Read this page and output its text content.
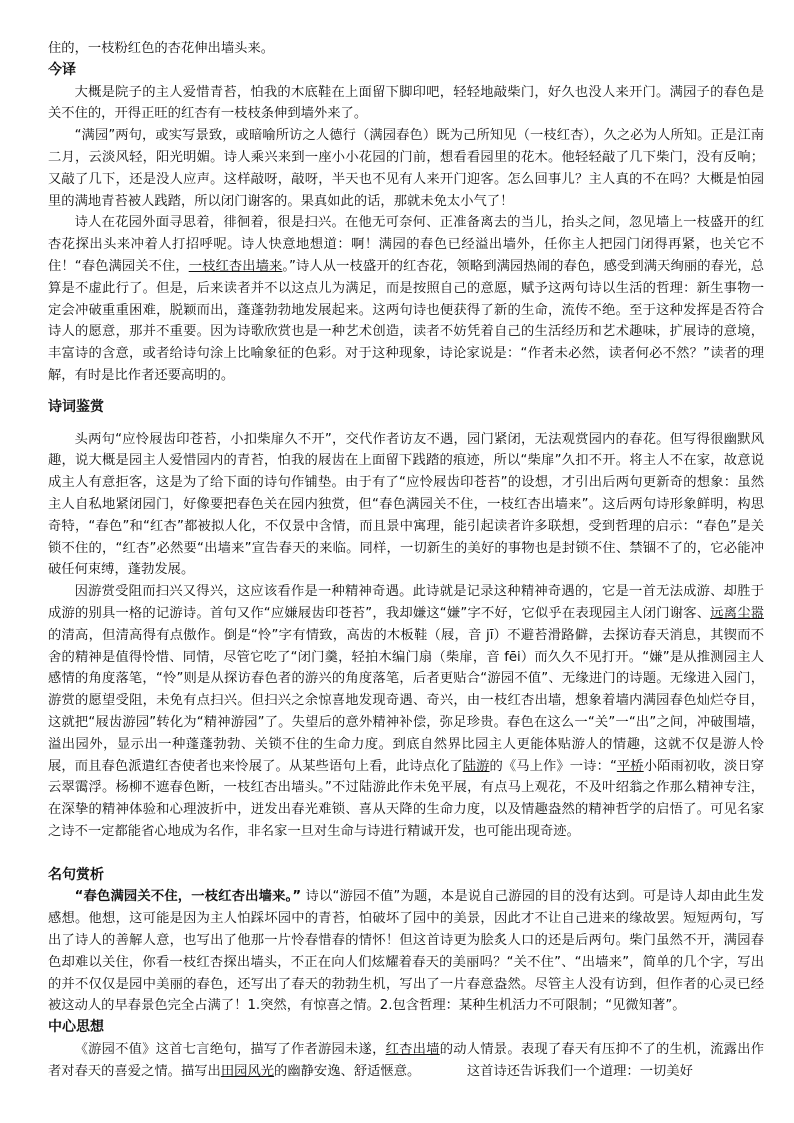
住的，一枝粉红色的杏花伸出墙头来。

今译

大概是院子的主人爱惜青苔，怕我的木底鞋在上面留下脚印吧，轻轻地敲柴门，好久也没人来开门。满园子的春色是关不住的，开得正旺的红杏有一枝枝条伸到墙外来了。

“满园”两句，或实写景致，或暗喻所访之人德行（满园春色）既为己所知见（一枝红杏），久之必为人所知。正是江南二月，云淡风轻，阳光明媚。诗人乘兴来到一座小小花园的门前，想看看园里的花木。他轻轻敲了几下柴门，没有反响；又敲了几下，还是没人应声。这样敲呀，敲呀，半天也不见有人来开门迎客。怎么回事儿？主人真的不在吗？大概是怕园里的满地青苔被人践踏，所以闭门谢客的。果真如此的话，那就未免太小气了！

诗人在花园外面寻思着，徘徊着，很是扫兴。在他无可奈何、正准备离去的当儿，抬头之间，忽见墙上一枝盛开的红杏花探出头来冲着人打招呼呢。诗人快意地想道：啊！满园的春色已经溢出墙外，任你主人把园门闭得再紧，也关它不住！“春色满园关不住，一枝红杏出墙来。”诗人从一枝盛开的红杏花，领略到满园热闹的春色，感受到满天绚丽的春光，总算是不虚此行了。但是，后来读者并不以这点儿为满足，而是按照自己的意愿，赋予这两句诗以生活的哲理：新生事物一定会冲破重重困难，脱颖而出，蓬蓬勃勃地发展起来。这两句诗也便获得了新的生命，流传不绝。至于这种发挥是否符合诗人的愿意，那并不重要。因为诗歌欣赏也是一种艺术创造，读者不妨凭着自己的生活经历和艺术趣味，扩展诗的意境，丰富诗的含意，或者给诗句涂上比喻象征的色彩。对于这种现象，诗论家说是：“作者未必然，读者何必不然？”读者的理解，有时是比作者还要高明的。

诗词鉴赏

头两句“应怜屐齿印苍苔，小扣柴扉久不开”，交代作者访友不遇，园门紧闭，无法观赏园内的春花。但写得很幽默风趣，说大概是园主人爱惜园内的青苔，怕我的屐齿在上面留下践踏的痕迹，所以“柴扉”久扣不开。将主人不在家，故意说成主人有意拒客，这是为了给下面的诗句作铺垫。由于有了“应怜屐齿印苍苔”的设想，才引出后两句更新奇的想象：虽然主人自私地紧闭园门，好像要把春色关在园内独赏，但“春色满园关不住，一枝红杏出墙来”。这后两句诗形象鲜明，构思奇特，“春色”和“红杏”都被拟人化，不仅景中含情，而且景中寓理，能引起读者许多联想，受到哲理的启示：“春色”是关锁不住的，“红杏”必然要“出墙来”宣告春天的来临。同样，一切新生的美好的事物也是封锁不住、禁锢不了的，它必能冲破任何束缚，蓬勃发展。

因游赏受阻而扫兴又得兴，这应该看作是一种精神奇遇。此诗就是记录这种精神奇遇的，它是一首无法成游、却胜于成游的别具一格的记游诗。首句又作“应嫌屐齿印苍苔”，我却嫌这“嫌”字不好，它似乎在表现园主人闭门谢客、远离尘嚣的清高，但清高得有点傲作。倒是“怜”字有情致，高齿的木板鞋（屐，音 jī）不避苔滑路僻，去探访春天消息，其锲而不舍的精神是值得怜惜、同情，尽管它吃了“闭门羹，轻拍木编门扇（柴扉，音 fēi）而久久不见打开。“嫌”是从推测园主人感情的角度落笔，“怜”则是从探访春色者的游兴的角度落笔，后者更贴合“游园不值”、无缘进门的诗题。无缘进入园门，游赏的愿望受阻，未免有点扫兴。但扫兴之余惊喜地发现奇遇、奇兴，由一枝红杏出墙，想象着墙内满园春色灿烂夺目，这就把“屐齿游园”转化为“精神游园”了。失望后的意外精神补偿，弥足珍贵。春色在这么一“关”一“出”之间，冲破围墙，溢出园外，显示出一种蓬蓬勃勃、关锁不住的生命力度。到底自然界比园主人更能体贴游人的情趣，这就不仅是游人怜展，而且春色派遣红杏使者也来怜展了。从某些语句上看，此诗点化了陆游的《马上作》一诗：“平桥小陌雨初收，淡日穿云翠霭浮。杨柳不遮春色断，一枝红杏出墙头。”不过陆游此作未免平展，有点马上观花，不及叶绍翁之作那么精神专注，在深挚的精神体验和心理波折中，迸发出春光难锁、喜从天降的生命力度，以及情趣盎然的精神哲学的启悟了。可见名家之诗不一定都能省心地成为名作，非名家一旦对生命与诗进行精诚开发，也可能出现奇迹。

名句赏析

“春色满园关不住，一枝红杏出墙来。” 诗以“游园不值”为题，本是说自己游园的目的没有达到。可是诗人却由此生发感想。他想，这可能是因为主人怕踩坏园中的青苔，怕破坏了园中的美景，因此才不让自己进来的缘故罢。短短两句，写出了诗人的善解人意，也写出了他那一片怜春惜春的情怀！但这首诗更为脍炙人口的还是后两句。柴门虽然不开，满园春色却难以关住，你看一枝红杏探出墙头，不正在向人们炫耀着春天的美丽吗？“关不住”、“出墙来”，简单的几个字，写出的并不仅仅是园中美丽的春色，还写出了春天的勃勃生机，写出了一片春意盎然。尽管主人没有访到，但作者的心灵已经被这动人的早春景色完全占满了！1.突然，有惊喜之情。2.包含哲理：某种生机活力不可限制；“见微知著”。

中心思想

《游园不值》这首七言绝句，描写了作者游园未遂，红杏出墙的动人情景。表现了春天有压抑不了的生机，流露出作者对春天的喜爱之情。描写出田园风光的幽静安逸、舒适惬意。　　　　	这首诗还告诉我们一个道理：一切美好
